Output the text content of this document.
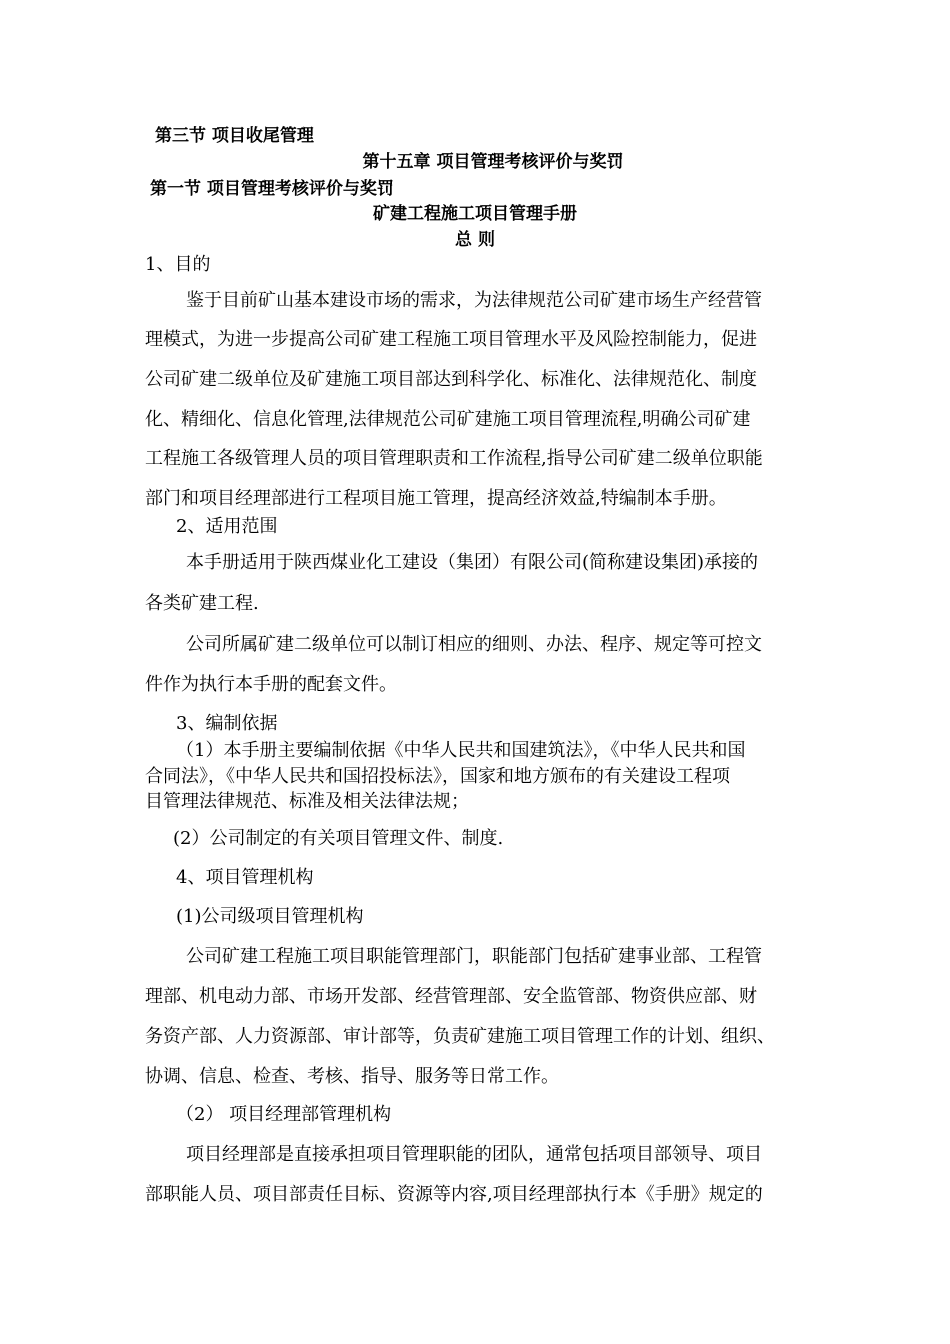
第三节 项目收尾管理
第十五章 项目管理考核评价与奖罚
第一节 项目管理考核评价与奖罚
矿建工程施工项目管理手册
总 则
1、目的
鉴于目前矿山基本建设市场的需求，为法律规范公司矿建市场生产经营管
理模式，为进一步提高公司矿建工程施工项目管理水平及风险控制能力，促进
公司矿建二级单位及矿建施工项目部达到科学化、标准化、法律规范化、制度
化、精细化、信息化管理,法律规范公司矿建施工项目管理流程,明确公司矿建
工程施工各级管理人员的项目管理职责和工作流程,指导公司矿建二级单位职能
部门和项目经理部进行工程项目施工管理，提高经济效益,特编制本手册。
2、适用范围
本手册适用于陕西煤业化工建设（集团）有限公司(简称建设集团)承接的
各类矿建工程.
公司所属矿建二级单位可以制订相应的细则、办法、程序、规定等可控文
件作为执行本手册的配套文件。
3、编制依据
（1）本手册主要编制依据《中华人民共和国建筑法》，《中华人民共和国
合同法》，《中华人民共和国招投标法》，国家和地方颁布的有关建设工程项
目管理法律规范、标准及相关法律法规；
(2）公司制定的有关项目管理文件、制度.
4、项目管理机构
(1)公司级项目管理机构
公司矿建工程施工项目职能管理部门，职能部门包括矿建事业部、工程管
理部、机电动力部、市场开发部、经营管理部、安全监管部、物资供应部、财
务资产部、人力资源部、审计部等，负责矿建施工项目管理工作的计划、组织、
协调、信息、检查、考核、指导、服务等日常工作。
（2） 项目经理部管理机构
项目经理部是直接承担项目管理职能的团队，通常包括项目部领导、项目
部职能人员、项目部责任目标、资源等内容,项目经理部执行本《手册》规定的
